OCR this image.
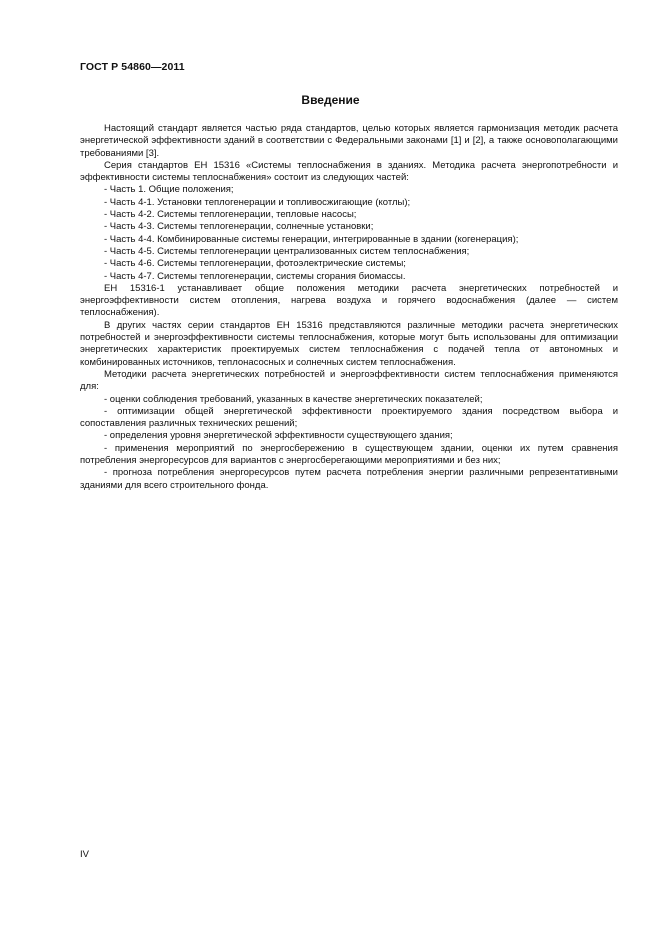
ГОСТ Р 54860—2011
Введение

Настоящий стандарт является частью ряда стандартов, целью которых является гармонизация методик расчета энергетической эффективности зданий в соответствии с Федеральными законами [1] и [2], а также основополагающими требованиями [3].

Серия стандартов ЕН 15316 «Системы теплоснабжения в зданиях. Методика расчета энергопотребности и эффективности системы теплоснабжения» состоит из следующих частей:

- Часть 1. Общие положения;

- Часть 4-1. Установки теплогенерации и топливосжигающие (котлы);

- Часть 4-2. Системы теплогенерации, тепловые насосы;

- Часть 4-3. Системы теплогенерации, солнечные установки;

- Часть 4-4. Комбинированные системы генерации, интегрированные в здании (когенерация);

- Часть 4-5. Системы теплогенерации централизованных систем теплоснабжения;

- Часть 4-6. Системы теплогенерации, фотоэлектрические системы;

- Часть 4-7. Системы теплогенерации, системы сгорания биомассы.

ЕН 15316-1 устанавливает общие положения методики расчета энергетических потребностей и энергоэффективности систем отопления, нагрева воздуха и горячего водоснабжения (далее — систем теплоснабжения).

В других частях серии стандартов ЕН 15316 представляются различные методики расчета энергетических потребностей и энергоэффективности системы теплоснабжения, которые могут быть использованы для оптимизации энергетических характеристик проектируемых систем теплоснабжения с подачей тепла от автономных и комбинированных источников, теплонасосных и солнечных систем теплоснабжения.

Методики расчета энергетических потребностей и энергоэффективности систем теплоснабжения применяются для:

- оценки соблюдения требований, указанных в качестве энергетических показателей;

- оптимизации общей энергетической эффективности проектируемого здания посредством выбора и сопоставления различных технических решений;

- определения уровня энергетической эффективности существующего здания;

- применения мероприятий по энергосбережению в существующем здании, оценки их путем сравнения потребления энергоресурсов для вариантов с энергосберегающими мероприятиями и без них;

- прогноза потребления энергоресурсов путем расчета потребления энергии различными репрезентативными зданиями для всего строительного фонда.

IV
